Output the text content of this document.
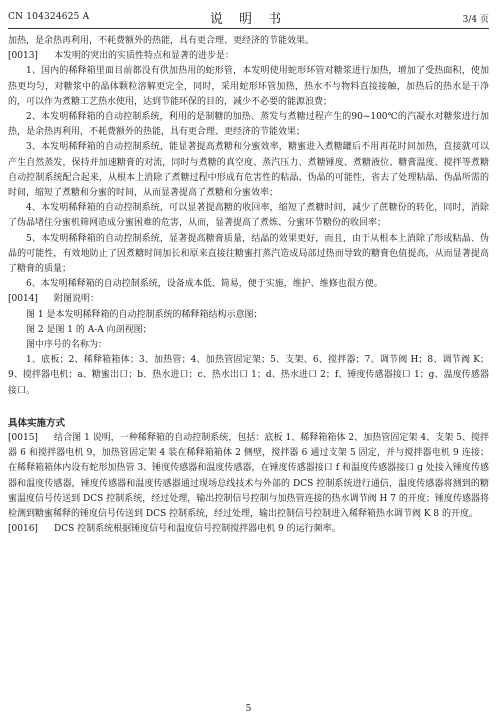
CN 104324625 A	说 明 书	3/4 页

加热，是余热再利用，不耗费额外的热能，具有更合理、更经济的节能效果。

[0013] 本发明的突出的实质性特点和显著的进步是：

1、国内的稀释箱里面目前都没有供加热用的蛇形管，本发明使用蛇形环管对糖浆进行加热，增加了受热面积，使加热更均匀，对糖浆中的晶体颗粒溶解更完全，同时，采用蛇形环管加热，热水不与物料直接接触，加热后的热水是干净的，可以作为煮糖工艺热水使用，达到节能环保的目的，减少不必要的能源浪费；

2、本发明稀释箱的自动控制系统，利用的是制糖的加热、蒸发与煮糖过程产生的90~100℃的汽凝水对糖浆进行加热，是余热再利用，不耗费额外的热能，具有更合理、更经济的节能效果；

3、本发明稀释箱的自动控制系统，能显著提高煮糖和分蜜效率，糖蜜进入煮糖罐后不用再花时间加热，直接就可以产生自然蒸发，保持并加速糖膏的对流，同时与煮糖的真空度、蒸汽压力、煮糖锤度、煮糖液位、糖膏温度、搅拌等煮糖自动控制系统配合起来，从根本上消除了煮糖过程中形成有危害性的粘晶、伪晶的可能性，省去了处理粘晶、伪晶所需的时间，缩短了煮糖和分蜜的时间，从而显著提高了煮糖和分蜜效率；

4、本发明稀释箱的自动控制系统，可以显著提高糖的收回率，缩短了煮糖时间，减少了蔗糖份的转化，同时，消除了伪晶堵住分蜜机筛网造成分蜜困难的危害，从而，显著提高了煮炼、分蜜环节糖份的收回率；

5、本发明稀释箱的自动控制系统，显著提高糖膏质量，结晶的效果更好，而且，由于从根本上消除了形成粘晶、伪晶的可能性，有效地防止了因煮糖时间加长和原来直接往糖蜜打蒸汽造成局部过热而导致的糖膏色值提高，从而显著提高了糖膏的质量；

6、本发明稀释箱的自动控制系统，设备成本低、简易，便于实施，维护、维修也很方便。

[0014] 附图说明：

图 1 是本发明稀释箱的自动控制系统的稀释箱结构示意图；

图 2 是图 1 的 A-A 向剖视图；

图中序号的名称为：

1、底板；2、稀释箱箱体；3、加热管；4、加热管固定架；5、支架、6、搅拌器；7、调节阀 H；8、调节阀 K；9、搅拌器电机；a、糖蜜出口；b、热水进口；c、热水出口 1；d、热水进口 2；f、锤度传感器接口 1；g、温度传感器接口。

具体实施方式

[0015] 结合图 1 说明，一种稀释箱的自动控制系统，包括：底板 1、稀释箱箱体 2、加热管固定架 4、支架 5、搅拌器 6 和搅拌器电机 9，加热管固定架 4 装在稀释箱箱体 2 侧壁，搅拌器 6 通过支架 5 固定，并与搅拌器电机 9 连接；在稀释箱箱体内设有蛇形加热管 3、锤度传感器和温度传感器，在锤度传感器接口 f 和温度传感器接口 g 处接入锤度传感器和温度传感器，锤度传感器和温度传感器通过现场总线技术与外部的 DCS 控制系统进行通信，温度传感器将测到的糖蜜温度信号传送到 DCS 控制系统，经过处理，输出控制信号控制与加热管连接的热水调节阀 H 7 的开度；锤度传感器将检测到糖蜜稀释的锤度信号传送到 DCS 控制系统，经过处理，输出控制信号控制进入稀释箱热水调节阀 K 8 的开度。

[0016] DCS 控制系统根据锤度信号和温度信号控制搅拌器电机 9 的运行频率。

5
